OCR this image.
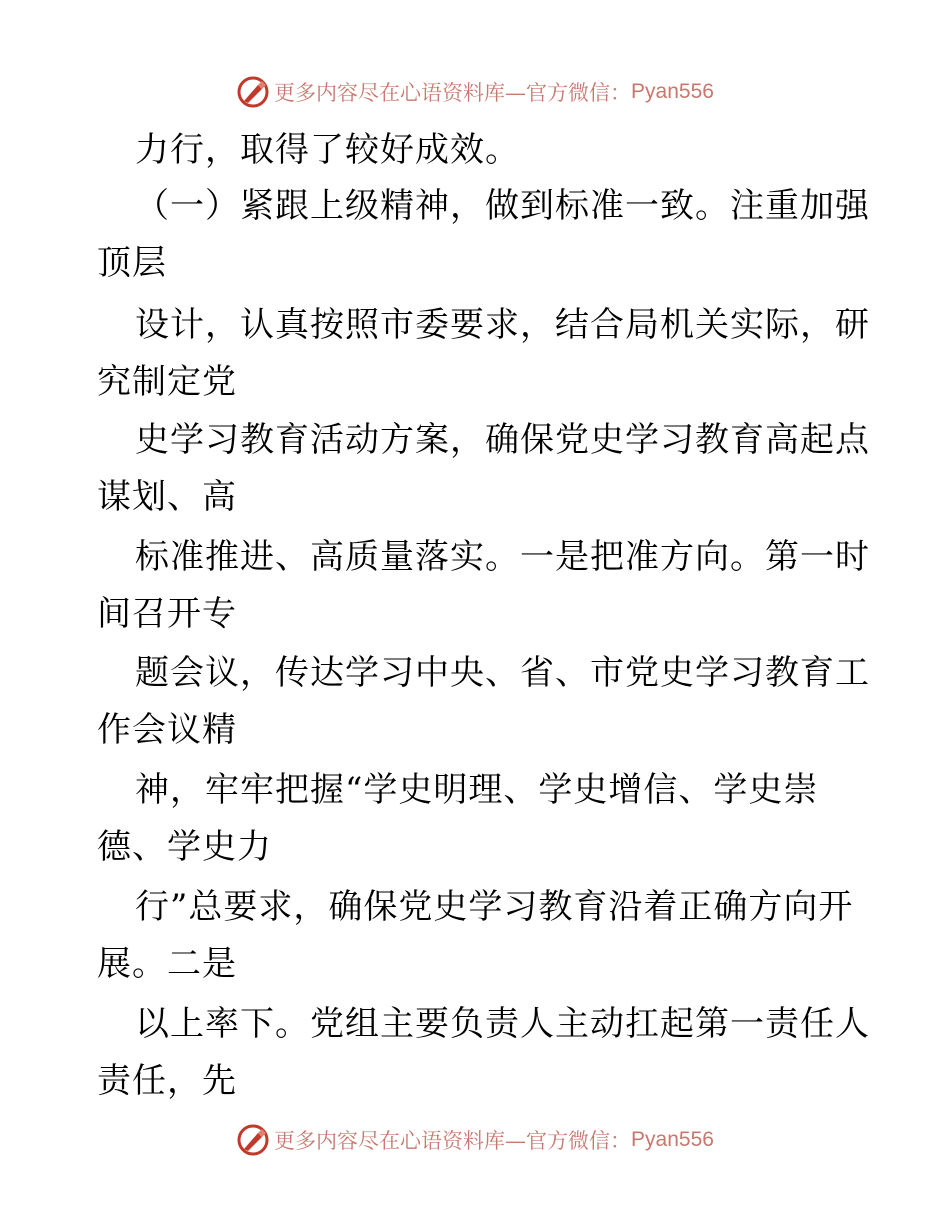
更多内容尽在心语资料库—官方微信： Pyan556
力行，取得了较好成效。
（一）紧跟上级精神，做到标准一致。注重加强
顶层
设计，认真按照市委要求，结合局机关实际，研
究制定党
史学习教育活动方案，确保党史学习教育高起点
谋划、高
标准推进、高质量落实。一是把准方向。第一时
间召开专
题会议，传达学习中央、省、市党史学习教育工
作会议精
神，牢牢把握“学史明理、学史增信、学史崇
德、学史力
行”总要求，确保党史学习教育沿着正确方向开
展。二是
以上率下。党组主要负责人主动扛起第一责任人
责任，先
更多内容尽在心语资料库—官方微信： Pyan556
